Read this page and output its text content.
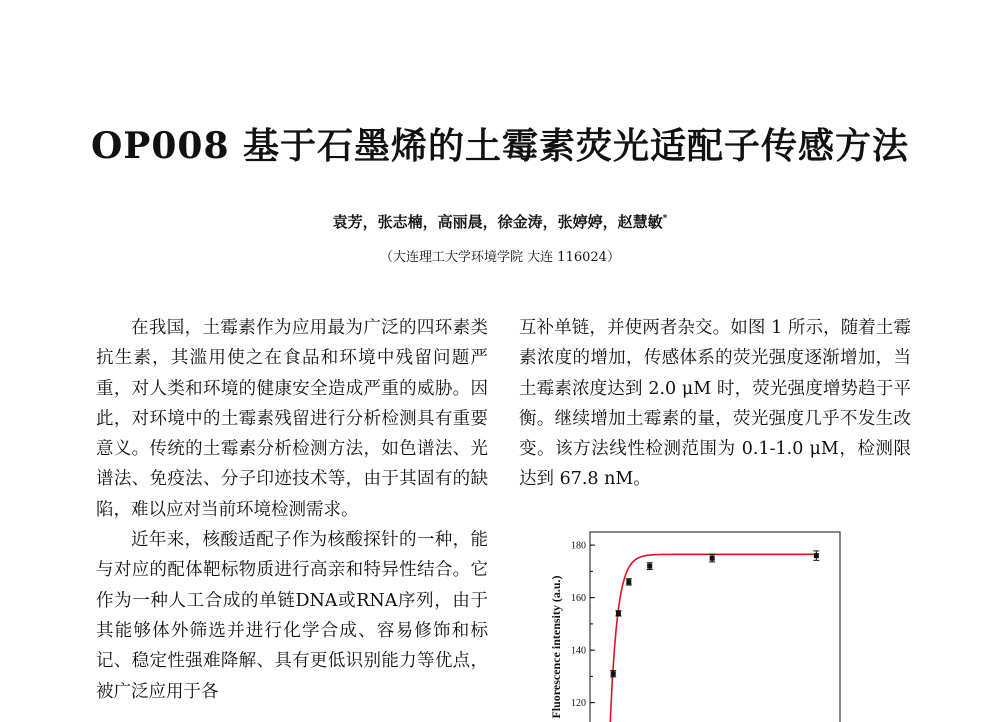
OP008 基于石墨烯的土霉素荧光适配子传感方法
袁芳，张志楠，高丽晨，徐金涛，张婷婷，赵慧敏*
（大连理工大学环境学院 大连 116024）

在我国，土霉素作为应用最为广泛的四环素类抗生素，其滥用使之在食品和环境中残留问题严重，对人类和环境的健康安全造成严重的威胁。因此，对环境中的土霉素残留进行分析检测具有重要意义。传统的土霉素分析检测方法，如色谱法、光谱法、免疫法、分子印迹技术等，由于其固有的缺陷，难以应对当前环境检测需求。

近年来，核酸适配子作为核酸探针的一种，能与对应的配体靶标物质进行高亲和特异性结合。它作为一种人工合成的单链DNA或RNA序列，由于其能够体外筛选并进行化学合成、容易修饰和标记、稳定性强难降解、具有更低识别能力等优点，被广泛应用于各

互补单链，并使两者杂交。如图 1 所示，随着土霉素浓度的增加，传感体系的荧光强度逐渐增加，当土霉素浓度达到 2.0 μM 时，荧光强度增势趋于平衡。继续增加土霉素的量，荧光强度几乎不发生改变。该方法线性检测范围为 0.1-1.0 μM，检测限达到 67.8 nM。

120
140
160
180
Fluorescence intensity (a.u.)
